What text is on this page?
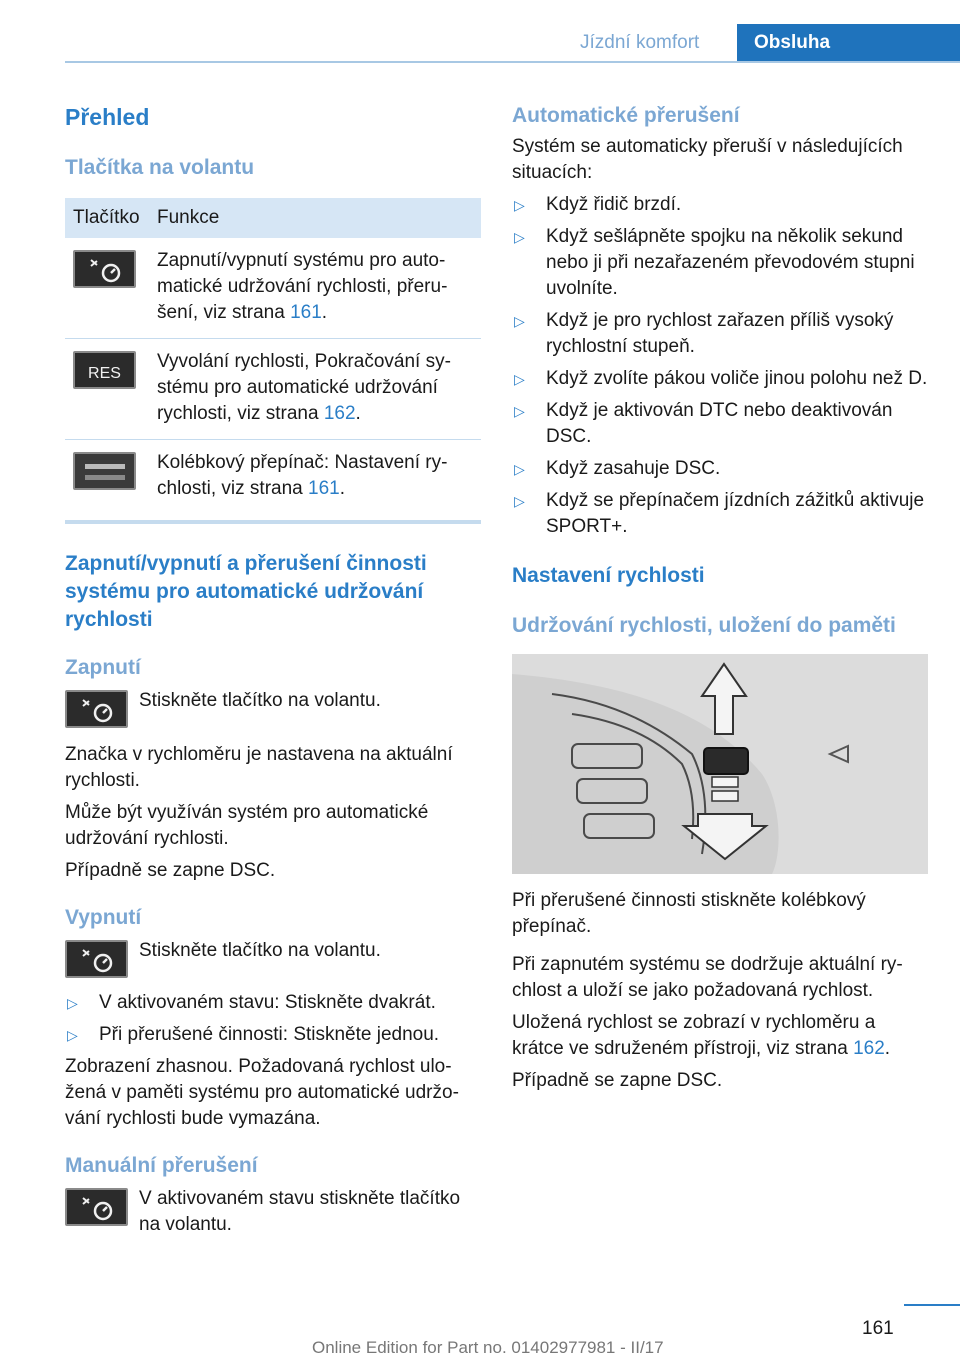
Jízdní komfort	Obsluha
Přehled
Tlačítka na volantu
Tlačítko	Funkce

	Zapnutí/vypnutí systému pro automatické udržování rychlosti, přerušení, viz strana 161.

RES	Vyvolání rychlosti, Pokračování systému pro automatické udržování rychlosti, viz strana 162.

	Kolébkový přepínač: Nastavení rychlosti, viz strana 161.
Zapnutí/vypnutí a přerušení činnosti systému pro automatické udržování rychlosti
Zapnutí

Stiskněte tlačítko na volantu.

Značka v rychloměru je nastavena na aktuální rychlosti.

Může být využíván systém pro automatické udržování rychlosti.

Případně se zapne DSC.

Vypnutí

Stiskněte tlačítko na volantu.

▷	V aktivovaném stavu: Stiskněte dvakrát.
▷	Při přerušené činnosti: Stiskněte jednou.

Zobrazení zhasnou. Požadovaná rychlost uložená v paměti systému pro automatické udržování rychlosti bude vymazána.

Manuální přerušení

V aktivovaném stavu stiskněte tlačítko na volantu.

Automatické přerušení

Systém se automaticky přeruší v následujících situacích:

▷	Když řidič brzdí.
▷	Když sešlápněte spojku na několik sekund nebo ji při nezařazeném převodovém stupni uvolníte.
▷	Když je pro rychlost zařazen příliš vysoký rychlostní stupeň.
▷	Když zvolíte pákou voliče jinou polohu než D.
▷	Když je aktivován DTC nebo deaktivován DSC.
▷	Když zasahuje DSC.
▷	Když se přepínačem jízdních zážitků aktivuje SPORT+.
Nastavení rychlosti
Udržování rychlosti, uložení do paměti

Při přerušené činnosti stiskněte kolébkový přepínač.

Při zapnutém systému se dodržuje aktuální rychlost a uloží se jako požadovaná rychlost.

Uložená rychlost se zobrazí v rychloměru a krátce ve sdruženém přístroji, viz strana 162.

Případně se zapne DSC.

161
Online Edition for Part no. 01402977981 - II/17
